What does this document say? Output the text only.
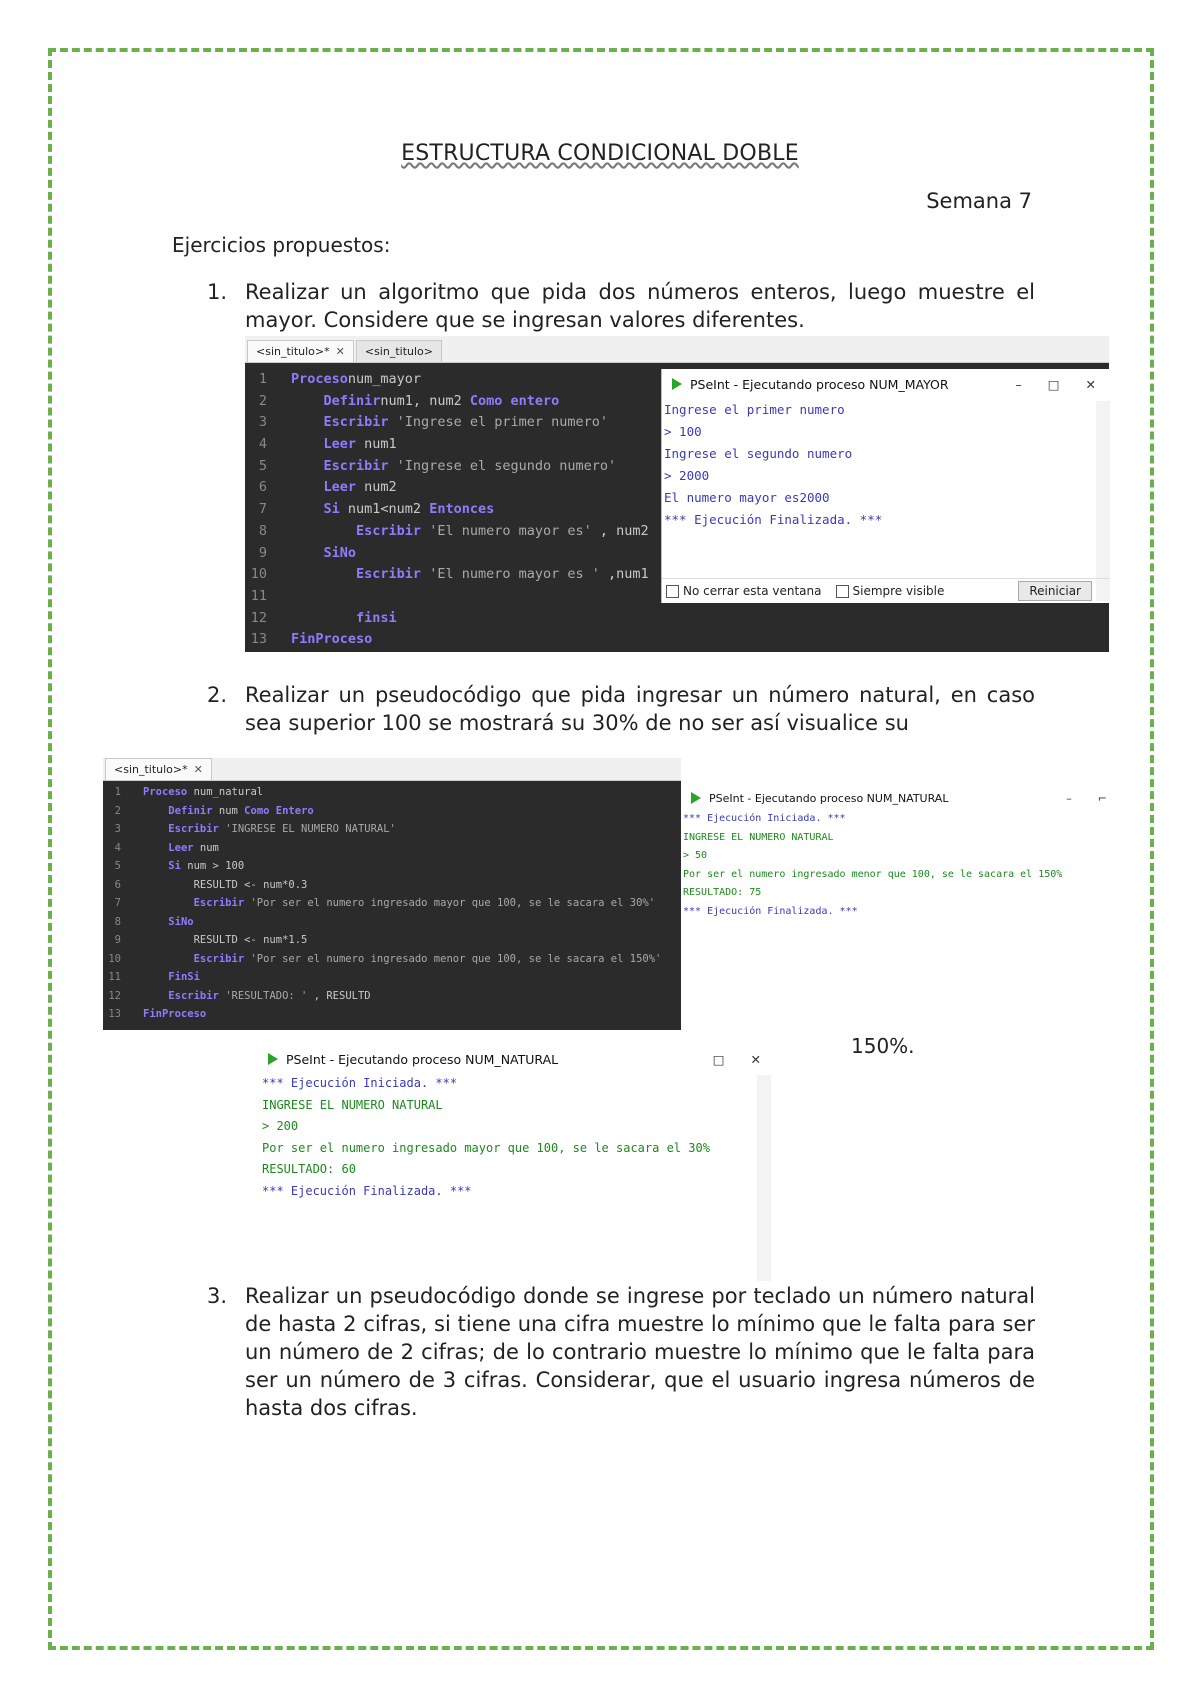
ESTRUCTURA CONDICIONAL DOBLE
Semana 7
Ejercicios propuestos:
1. Realizar un algoritmo que pida dos números enteros, luego muestre el mayor. Considere que se ingresan valores diferentes.
<sin_titulo>* ✕	<sin_titulo>
1	Procesonum_mayor
2	Definirnum1, num2 Como entero
3	Escribir 'Ingrese el primer numero'
4	Leer num1
5	Escribir 'Ingrese el segundo numero'
6	Leer num2
7	Si num1<num2 Entonces
8	Escribir 'El numero mayor es' , num2
9	SiNo
10	Escribir 'El numero mayor es ' ,num1
11
12	finsi
13	FinProceso
PSeInt - Ejecutando proceso NUM_MAYOR	– □ ✕
Ingrese el primer numero
> 100
Ingrese el segundo numero
> 2000
El numero mayor es2000
*** Ejecución Finalizada. ***
No cerrar esta ventana	Siempre visible	Reiniciar
2. Realizar un pseudocódigo que pida ingresar un número natural, en caso sea superior 100 se mostrará su 30% de no ser así visualice su
<sin_titulo>* ✕
1	Proceso num_natural
2	Definir num Como Entero
3	Escribir 'INGRESE EL NUMERO NATURAL'
4	Leer num
5	Si num > 100
6	RESULTD <- num*0.3
7	Escribir 'Por ser el numero ingresado mayor que 100, se le sacara el 30%'
8	SiNo
9	RESULTD <- num*1.5
10	Escribir 'Por ser el numero ingresado menor que 100, se le sacara el 150%'
11	FinSi
12	Escribir 'RESULTADO: ' , RESULTD
13	FinProceso
PSeInt - Ejecutando proceso NUM_NATURAL	– ⌐
*** Ejecución Iniciada. ***
INGRESE EL NUMERO NATURAL
> 50
Por ser el numero ingresado menor que 100, se le sacara el 150%
RESULTADO: 75
*** Ejecución Finalizada. ***
150%.
PSeInt - Ejecutando proceso NUM_NATURAL	□ ✕
*** Ejecución Iniciada. ***
INGRESE EL NUMERO NATURAL
> 200
Por ser el numero ingresado mayor que 100, se le sacara el 30%
RESULTADO: 60
*** Ejecución Finalizada. ***
3. Realizar un pseudocódigo donde se ingrese por teclado un número natural de hasta 2 cifras, si tiene una cifra muestre lo mínimo que le falta para ser un número de 2 cifras; de lo contrario muestre lo mínimo que le falta para ser un número de 3 cifras. Considerar, que el usuario ingresa números de hasta dos cifras.
